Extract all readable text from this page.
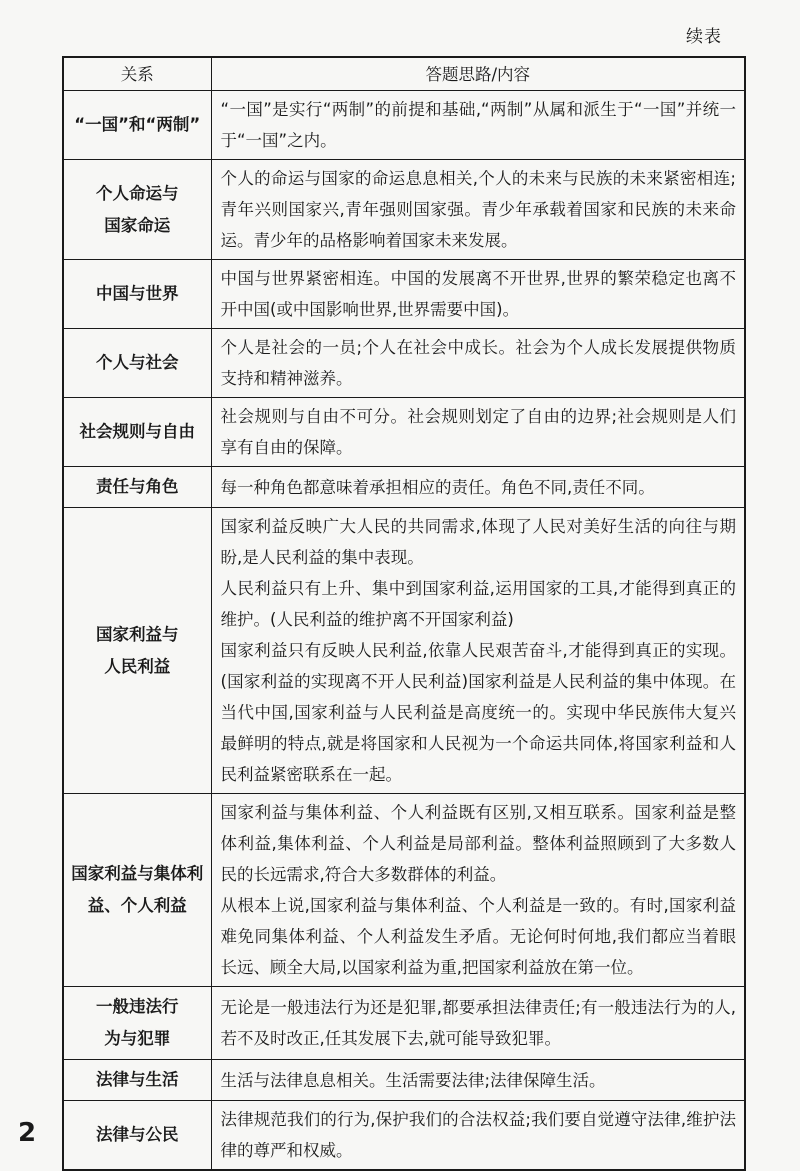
续表
关系	答题思路/内容
“一国”和“两制”	“一国”是实行“两制”的前提和基础,“两制”从属和派生于“一国”并统一于“一国”之内。

个人命运与国家命运	个人的命运与国家的命运息息相关,个人的未来与民族的未来紧密相连;青年兴则国家兴,青年强则国家强。青少年承载着国家和民族的未来命运。青少年的品格影响着国家未来发展。

中国与世界	中国与世界紧密相连。中国的发展离不开世界,世界的繁荣稳定也离不开中国(或中国影响世界,世界需要中国)。

个人与社会	个人是社会的一员;个人在社会中成长。社会为个人成长发展提供物质支持和精神滋养。

社会规则与自由	社会规则与自由不可分。社会规则划定了自由的边界;社会规则是人们享有自由的保障。

责任与角色	每一种角色都意味着承担相应的责任。角色不同,责任不同。

国家利益与人民利益	国家利益反映广大人民的共同需求,体现了人民对美好生活的向往与期盼,是人民利益的集中表现。
人民利益只有上升、集中到国家利益,运用国家的工具,才能得到真正的维护。(人民利益的维护离不开国家利益)
国家利益只有反映人民利益,依靠人民艰苦奋斗,才能得到真正的实现。(国家利益的实现离不开人民利益)国家利益是人民利益的集中体现。在当代中国,国家利益与人民利益是高度统一的。实现中华民族伟大复兴最鲜明的特点,就是将国家和人民视为一个命运共同体,将国家利益和人民利益紧密联系在一起。

国家利益与集体利益、个人利益	国家利益与集体利益、个人利益既有区别,又相互联系。国家利益是整体利益,集体利益、个人利益是局部利益。整体利益照顾到了大多数人民的长远需求,符合大多数群体的利益。
从根本上说,国家利益与集体利益、个人利益是一致的。有时,国家利益难免同集体利益、个人利益发生矛盾。无论何时何地,我们都应当着眼长远、顾全大局,以国家利益为重,把国家利益放在第一位。

一般违法行为与犯罪	无论是一般违法行为还是犯罪,都要承担法律责任;有一般违法行为的人,若不及时改正,任其发展下去,就可能导致犯罪。

法律与生活	生活与法律息息相关。生活需要法律;法律保障生活。

法律与公民	法律规范我们的行为,保护我们的合法权益;我们要自觉遵守法律,维护法律的尊严和权威。
2
